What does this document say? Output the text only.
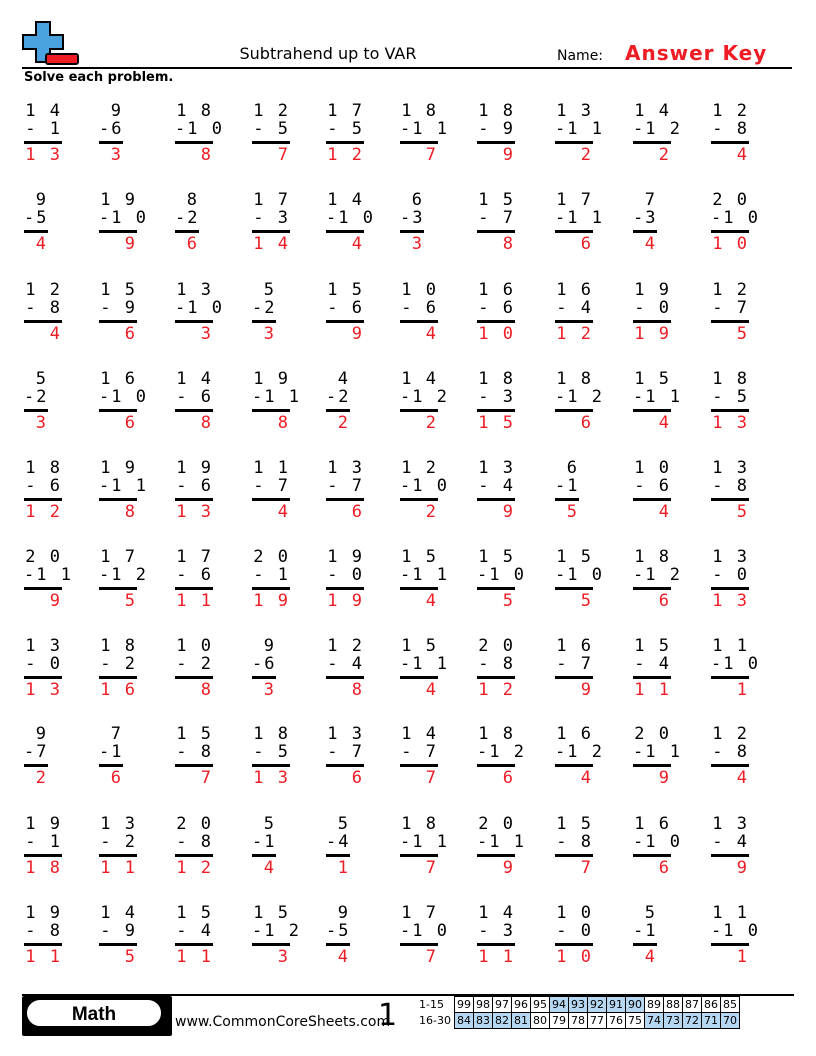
Subtrahend up to VAR	Name: Answer Key
Solve each problem.
1 4
- 1
1 3
9
-6
3
1 8
-1 0
8
1 2
- 5
7
1 7
- 5
1 2
1 8
-1 1
7
1 8
- 9
9
1 3
-1 1
2
1 4
-1 2
2
1 2
- 8
4
9
-5
4
1 9
-1 0
9
8
-2
6
1 7
- 3
1 4
1 4
-1 0
4
6
-3
3
1 5
- 7
8
1 7
-1 1
6
7
-3
4
2 0
-1 0
1 0
1 2
- 8
4
1 5
- 9
6
1 3
-1 0
3
5
-2
3
1 5
- 6
9
1 0
- 6
4
1 6
- 6
1 0
1 6
- 4
1 2
1 9
- 0
1 9
1 2
- 7
5
5
-2
3
1 6
-1 0
6
1 4
- 6
8
1 9
-1 1
8
4
-2
2
1 4
-1 2
2
1 8
- 3
1 5
1 8
-1 2
6
1 5
-1 1
4
1 8
- 5
1 3
1 8
- 6
1 2
1 9
-1 1
8
1 9
- 6
1 3
1 1
- 7
4
1 3
- 7
6
1 2
-1 0
2
1 3
- 4
9
6
-1
5
1 0
- 6
4
1 3
- 8
5
2 0
-1 1
9
1 7
-1 2
5
1 7
- 6
1 1
2 0
- 1
1 9
1 9
- 0
1 9
1 5
-1 1
4
1 5
-1 0
5
1 5
-1 0
5
1 8
-1 2
6
1 3
- 0
1 3
1 3
- 0
1 3
1 8
- 2
1 6
1 0
- 2
8
9
-6
3
1 2
- 4
8
1 5
-1 1
4
2 0
- 8
1 2
1 6
- 7
9
1 5
- 4
1 1
1 1
-1 0
1
9
-7
2
7
-1
6
1 5
- 8
7
1 8
- 5
1 3
1 3
- 7
6
1 4
- 7
7
1 8
-1 2
6
1 6
-1 2
4
2 0
-1 1
9
1 2
- 8
4
1 9
- 1
1 8
1 3
- 2
1 1
2 0
- 8
1 2
5
-1
4
5
-4
1
1 8
-1 1
7
2 0
-1 1
9
1 5
- 8
7
1 6
-1 0
6
1 3
- 4
9
1 9
- 8
1 1
1 4
- 9
5
1 5
- 4
1 1
1 5
-1 2
3
9
-5
4
1 7
-1 0
7
1 4
- 3
1 1
1 0
- 0
1 0
5
-1
4
1 1
-1 0
1
Math	www.CommonCoreSheets.com
1 1-15	99	98	97	96	95	94	93	92	91	90	89	88	87	86	85
16-30	84	83	82	81	80	79	78	77	76	75	74	73	72	71	70
